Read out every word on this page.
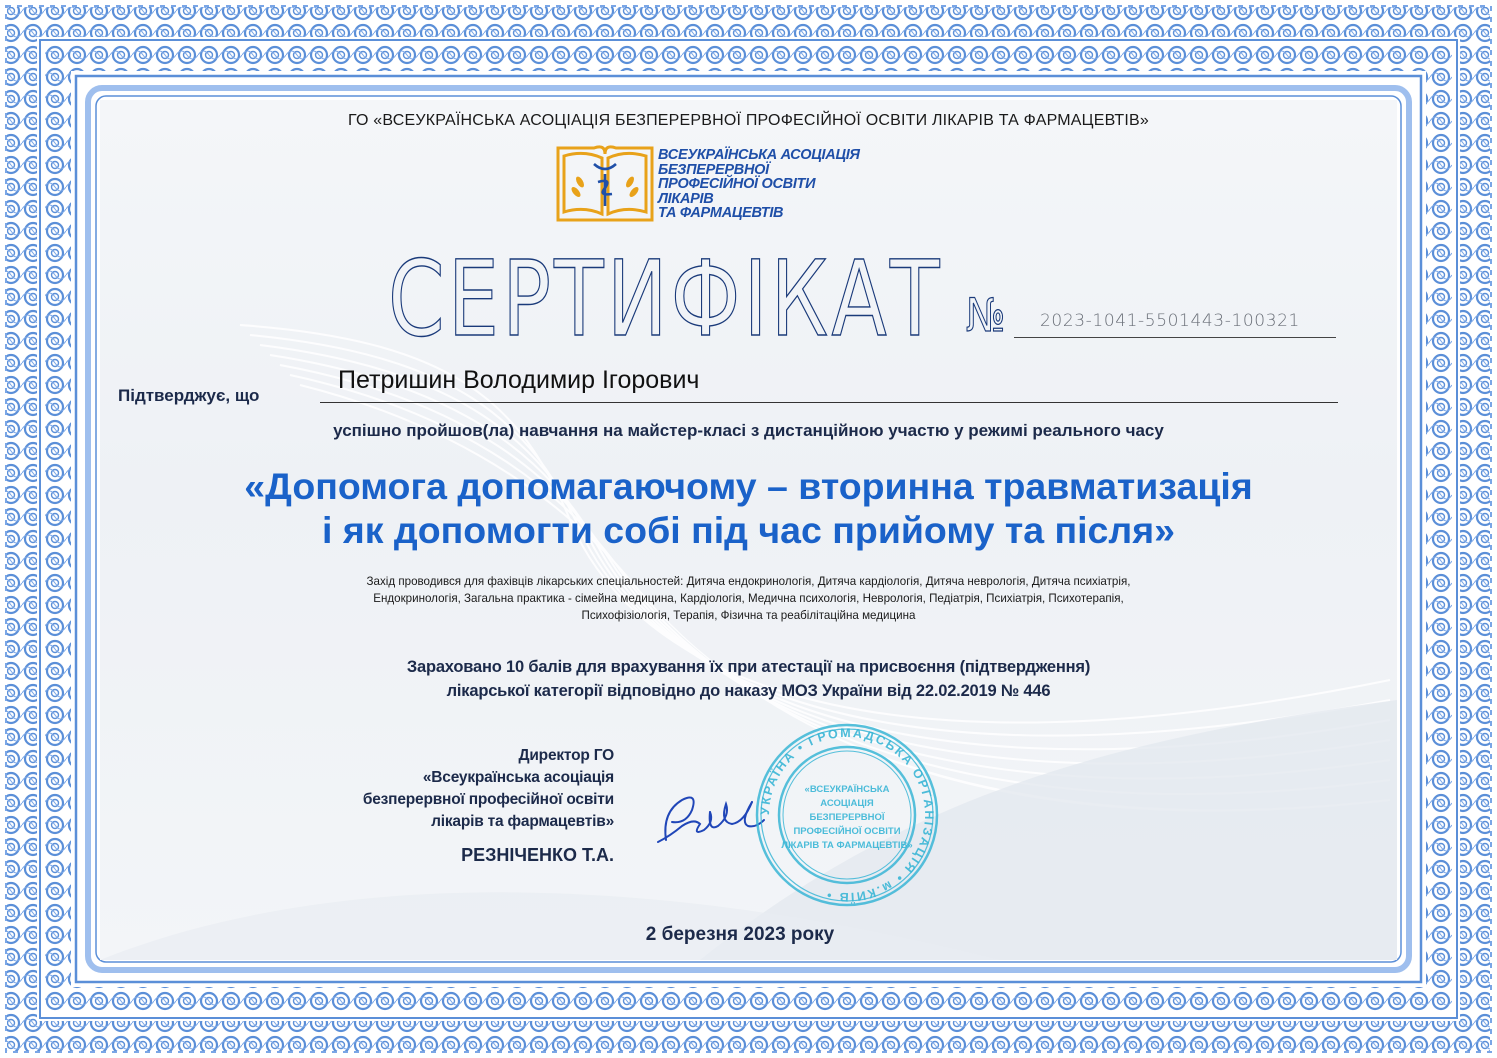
ГО «ВСЕУКРАЇНСЬКА АСОЦІАЦІЯ БЕЗПЕРЕРВНОЇ ПРОФЕСІЙНОЇ ОСВІТИ ЛІКАРІВ ТА ФАРМАЦЕВТІВ»
ВСЕУКРАЇНСЬКА АСОЦІАЦІЯ
БЕЗПЕРЕРВНОЇ
ПРОФЕСІЙНОЇ ОСВІТИ
ЛІКАРІВ
ТА ФАРМАЦЕВТІВ
СЕРТИФІКАТ № 2023-1041-5501443-100321
Підтверджує, що
Петришин Володимир Ігорович
успішно пройшов(ла) навчання на майстер-класі з дистанційною участю у режимі реального часу
«Допомога допомагаючому – вторинна травматизація
і як допомогти собі під час прийому та після»
Захід проводився для фахівців лікарських спеціальностей: Дитяча ендокринологія, Дитяча кардіологія, Дитяча неврологія, Дитяча психіатрія,
Ендокринологія, Загальна практика - сімейна медицина, Кардіологія, Медична психологія, Неврологія, Педіатрія, Психіатрія, Психотерапія,
Психофізіологія, Терапія, Фізична та реабілітаційна медицина
Зараховано 10 балів для врахування їх при атестації на присвоєння (підтвердження)
лікарської категорії відповідно до наказу МОЗ України від 22.02.2019 № 446
Директор ГО
«Всеукраїнська асоціація
безперервної професійної освіти
лікарів та фармацевтів»
РЕЗНІЧЕНКО Т.А.
УКРАЇНА • ГРОМАДСЬКА ОРГАНІЗАЦІЯ • м.КИЇВ •
«ВСЕУКРАЇНСЬКА
АСОЦІАЦІЯ
БЕЗПЕРЕРВНОЇ
ПРОФЕСІЙНОЇ ОСВІТИ
ЛІКАРІВ ТА ФАРМАЦЕВТІВ»
2 березня 2023 року
